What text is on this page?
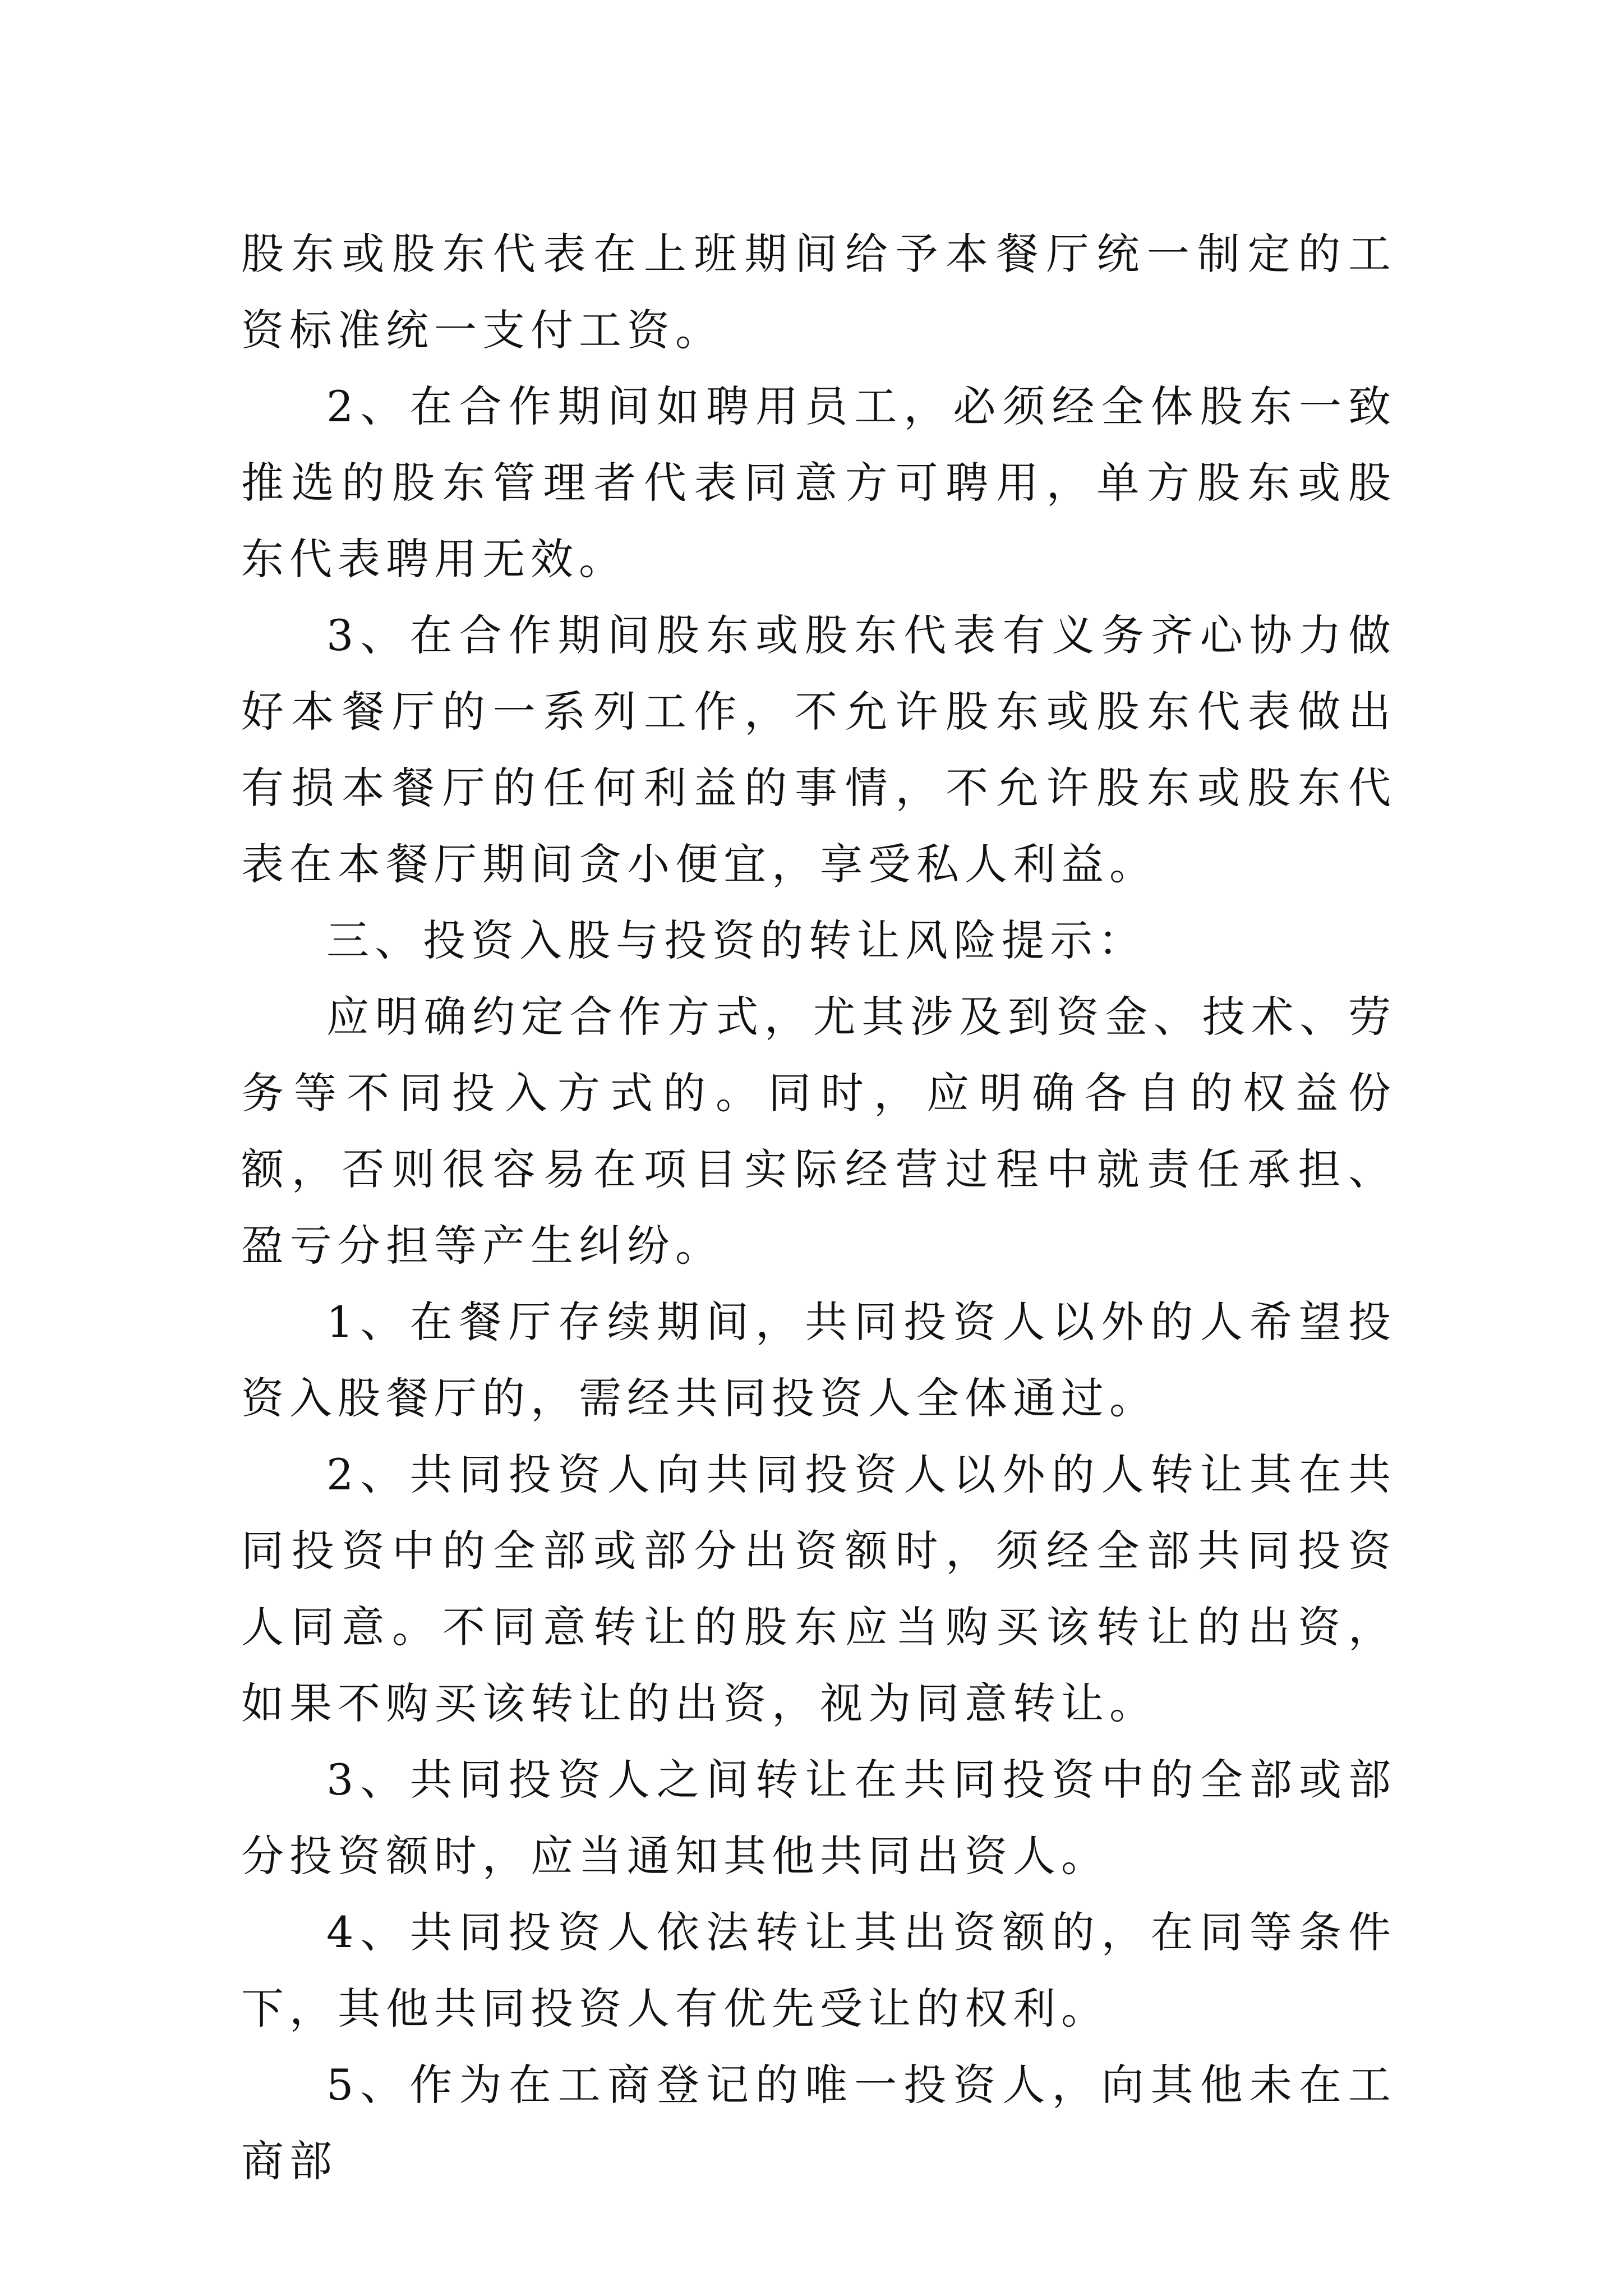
股东或股东代表在上班期间给予本餐厅统一制定的工资标准统一支付工资。

2、在合作期间如聘用员工，必须经全体股东一致推选的股东管理者代表同意方可聘用，单方股东或股东代表聘用无效。

3、在合作期间股东或股东代表有义务齐心协力做好本餐厅的一系列工作，不允许股东或股东代表做出有损本餐厅的任何利益的事情，不允许股东或股东代表在本餐厅期间贪小便宜，享受私人利益。

三、投资入股与投资的转让风险提示：

应明确约定合作方式，尤其涉及到资金、技术、劳务等不同投入方式的。同时，应明确各自的权益份额，否则很容易在项目实际经营过程中就责任承担、盈亏分担等产生纠纷。

1、在餐厅存续期间，共同投资人以外的人希望投资入股餐厅的，需经共同投资人全体通过。

2、共同投资人向共同投资人以外的人转让其在共同投资中的全部或部分出资额时，须经全部共同投资人同意。不同意转让的股东应当购买该转让的出资，如果不购买该转让的出资，视为同意转让。

3、共同投资人之间转让在共同投资中的全部或部分投资额时，应当通知其他共同出资人。

4、共同投资人依法转让其出资额的，在同等条件下，其他共同投资人有优先受让的权利。

5、作为在工商登记的唯一投资人，向其他未在工商部
